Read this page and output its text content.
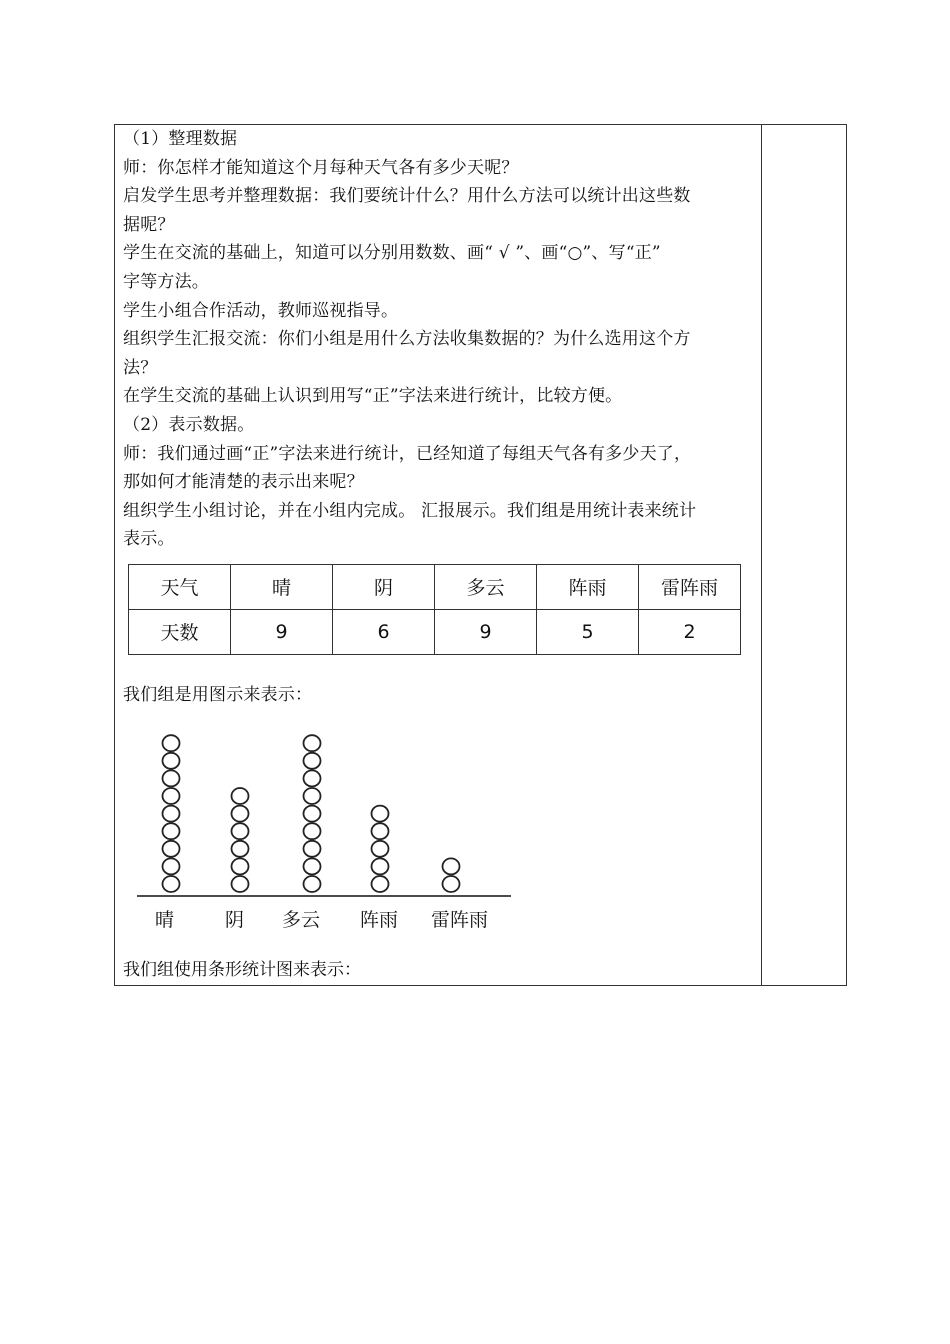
（1）整理数据
师：你怎样才能知道这个月每种天气各有多少天呢？
启发学生思考并整理数据：我们要统计什么？用什么方法可以统计出这些数
据呢？
学生在交流的基础上，知道可以分别用数数、画“ √ ”、画“○”、写“正”
字等方法。
学生小组合作活动，教师巡视指导。
组织学生汇报交流：你们小组是用什么方法收集数据的？为什么选用这个方
法？
在学生交流的基础上认识到用写“正”字法来进行统计，比较方便。
（2）表示数据。
师：我们通过画“正”字法来进行统计，已经知道了每组天气各有多少天了，
那如何才能清楚的表示出来呢？
组织学生小组讨论，并在小组内完成。 汇报展示。我们组是用统计表来统计
表示。
天气	晴	阴	多云	阵雨	雷阵雨
天数	9	6	9	5	2
我们组是用图示来表示：
晴	阴 多云 阵雨 雷阵雨
我们组使用条形统计图来表示：
